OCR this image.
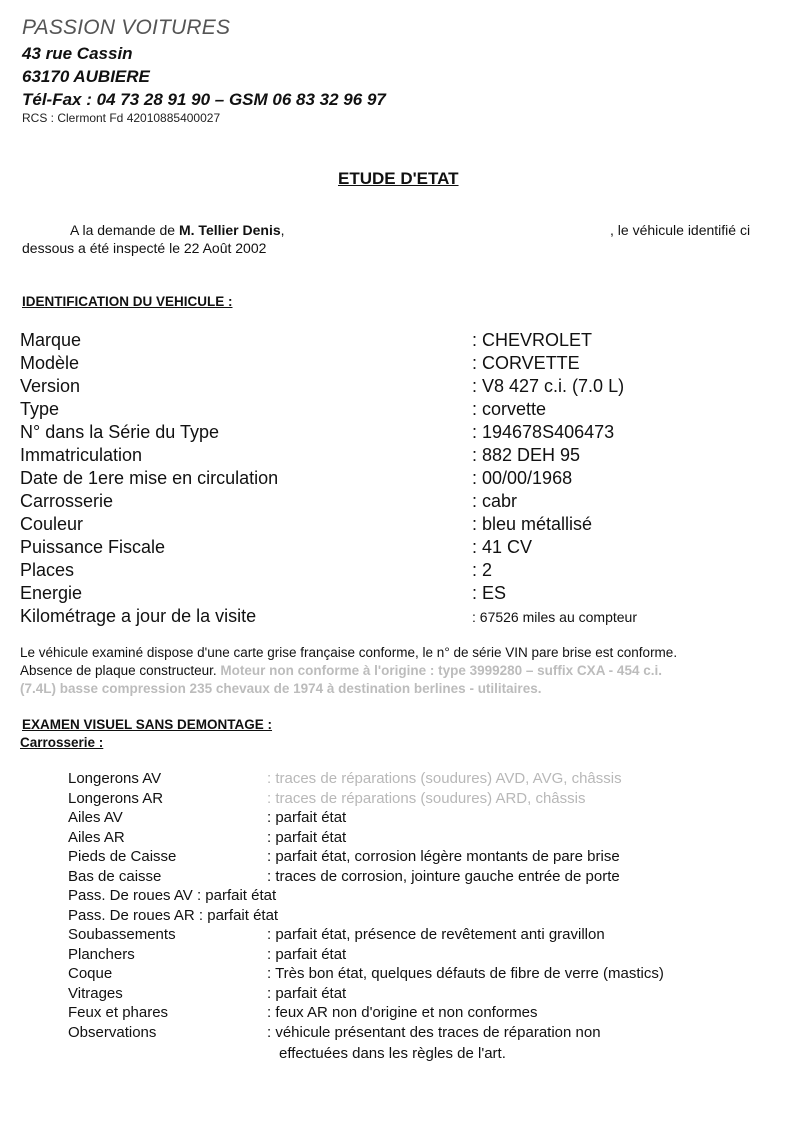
PASSION VOITURES
43 rue Cassin
63170 AUBIERE
Tél-Fax : 04 73 28 91 90 – GSM 06 83 32 96 97
RCS : Clermont Fd 42010885400027
ETUDE D'ETAT
A la demande de M. Tellier Denis,	, le véhicule identifié ci
dessous a été inspecté le 22 Août 2002
IDENTIFICATION DU VEHICULE :
Marque	: CHEVROLET
Modèle	: CORVETTE
Version	: V8 427 c.i. (7.0 L)
Type	: corvette
N° dans la Série du Type	: 194678S406473
Immatriculation	: 882 DEH 95
Date de 1ere mise en circulation	: 00/00/1968
Carrosserie	: cabr
Couleur	: bleu métallisé
Puissance Fiscale	: 41 CV
Places	: 2
Energie	: ES
Kilométrage a jour de la visite	: 67526 miles au compteur
Le véhicule examiné dispose d'une carte grise française conforme, le n° de série VIN pare brise est conforme.
Absence de plaque constructeur. Moteur non conforme à l'origine : type 3999280 – suffix CXA - 454 c.i.
(7.4L) basse compression 235 chevaux de 1974 à destination berlines - utilitaires.
EXAMEN VISUEL SANS DEMONTAGE :
Carrosserie :
Longerons AV	: traces de réparations (soudures) AVD, AVG, châssis
Longerons AR	: traces de réparations (soudures) ARD, châssis
Ailes AV	: parfait état
Ailes AR	: parfait état
Pieds de Caisse	: parfait état, corrosion légère montants de pare brise
Bas de caisse	: traces de corrosion, jointure gauche entrée de porte
Pass. De roues AV : parfait état
Pass. De roues AR : parfait état
Soubassements	: parfait état, présence de revêtement anti gravillon
Planchers	: parfait état
Coque	: Très bon état, quelques défauts de fibre de verre (mastics)
Vitrages	: parfait état
Feux et phares	: feux AR non d'origine et non conformes
Observations	: véhicule présentant des traces de réparation non
effectuées dans les règles de l'art.
